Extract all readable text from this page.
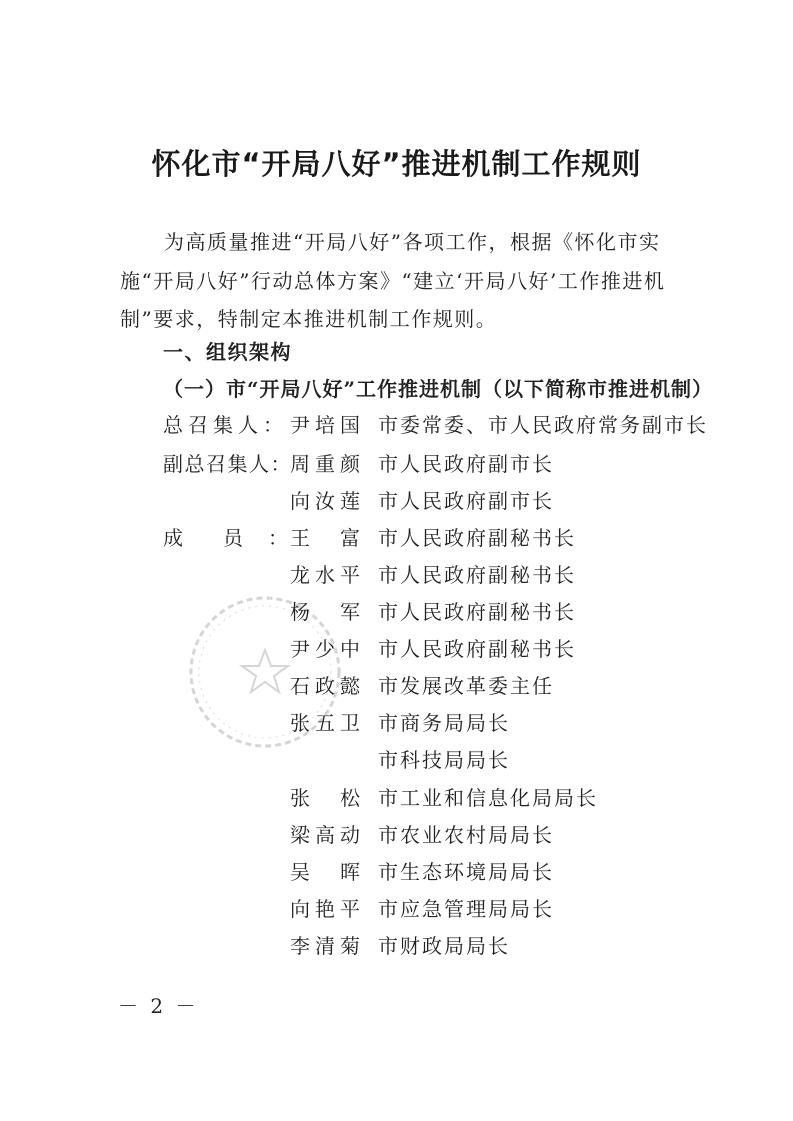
怀化市“开局八好”推进机制工作规则

为高质量推进“开局八好”各项工作，根据《怀化市实施“开局八好”行动总体方案》“建立‘开局八好’工作推进机制”要求，特制定本推进机制工作规则。

一、组织架构
（一）市“开局八好”工作推进机制（以下简称市推进机制）
总 召 集 人 ： 尹 培 国 市委常委、市人民政府常务副市长
副总召集人：
周 重 颜 市人民政府副市长
向 汝 莲 市人民政府副市长
成 员 ： 王 富 市人民政府副秘书长
龙 水 平 市人民政府副秘书长
杨 军 市人民政府副秘书长
尹 少 中 市人民政府副秘书长
石 政 懿 市发展改革委主任
张 五 卫 市商务局局长
市科技局局长
张 松 市工业和信息化局局长
梁 高 动 市农业农村局局长
吴 晖 市生态环境局局长
向 艳 平 市应急管理局局长
李 清 菊 市财政局局长
－ 2 －
